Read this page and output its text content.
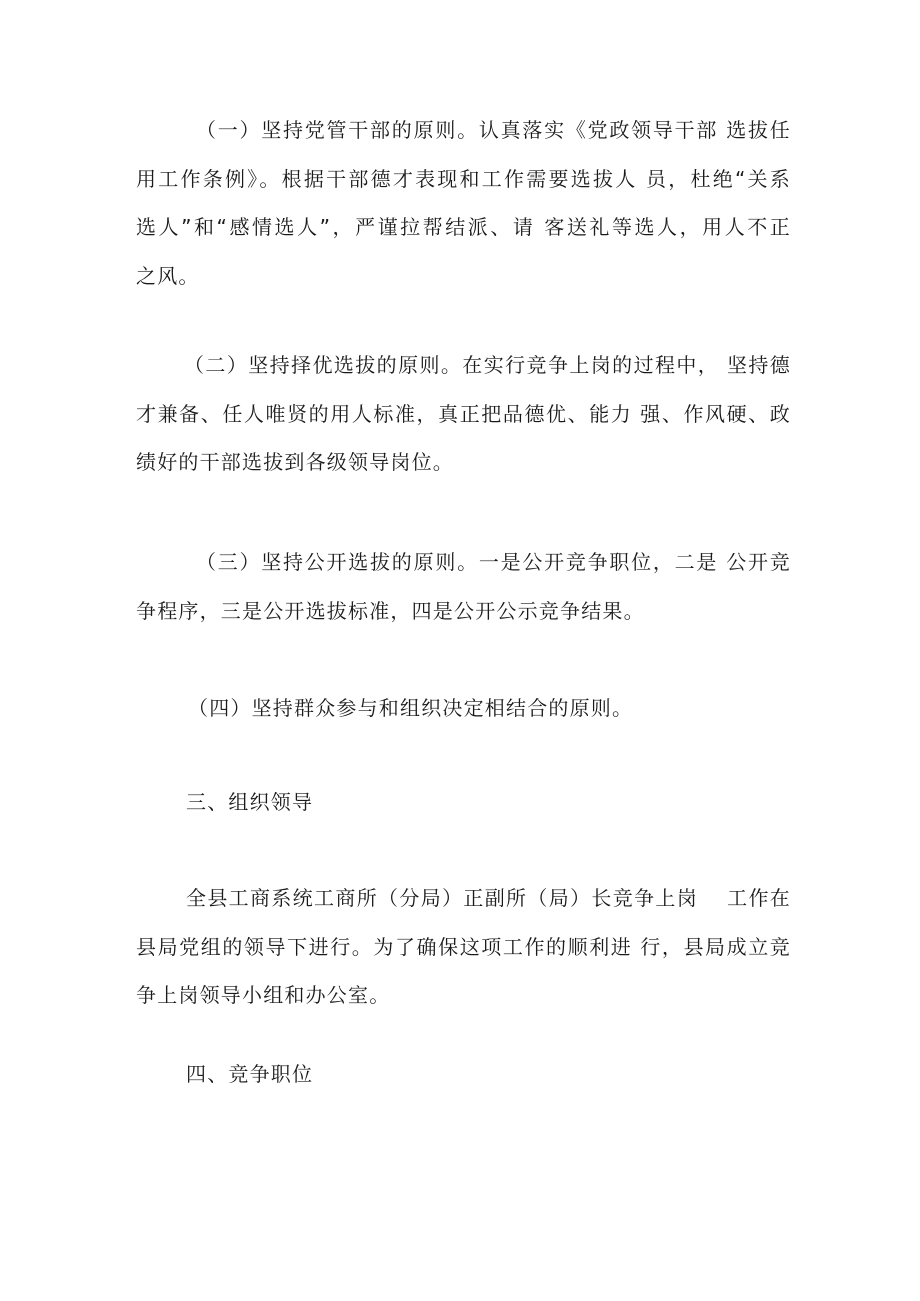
（一）坚持党管干部的原则。认真落实《党政领导干部 选拔任
用工作条例》。根据干部德才表现和工作需要选拔人 员，杜绝“关系
选人”和“感情选人”，严谨拉帮结派、请 客送礼等选人，用人不正
之风。

（二）坚持择优选拔的原则。在实行竞争上岗的过程中， 坚持德
才兼备、任人唯贤的用人标准，真正把品德优、能力 强、作风硬、政
绩好的干部选拔到各级领导岗位。

（三）坚持公开选拔的原则。一是公开竞争职位，二是 公开竞
争程序，三是公开选拔标准，四是公开公示竞争结果。

（四）坚持群众参与和组织决定相结合的原则。

三、组织领导

全县工商系统工商所（分局）正副所（局）长竞争上岗　 工作在
县局党组的领导下进行。为了确保这项工作的顺利进 行，县局成立竞
争上岗领导小组和办公室。

四、竞争职位
